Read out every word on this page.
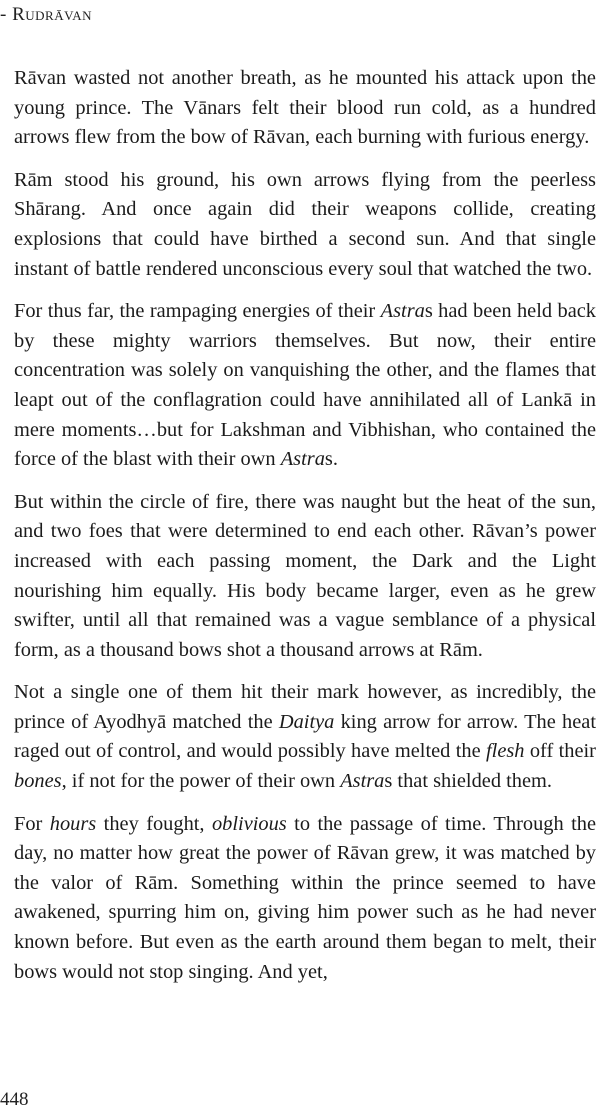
- Rudrāvan

Rāvan wasted not another breath, as he mounted his attack upon the young prince. The Vānars felt their blood run cold, as a hundred arrows flew from the bow of Rāvan, each burning with furious energy.

Rām stood his ground, his own arrows flying from the peerless Shārang. And once again did their weapons collide, creating explosions that could have birthed a second sun. And that single instant of battle rendered unconscious every soul that watched the two.

For thus far, the rampaging energies of their Astras had been held back by these mighty warriors themselves. But now, their entire concentration was solely on vanquishing the other, and the flames that leapt out of the conflagration could have annihilated all of Lankā in mere moments…but for Lakshman and Vibhishan, who contained the force of the blast with their own Astras.

But within the circle of fire, there was naught but the heat of the sun, and two foes that were determined to end each other. Rāvan’s power increased with each passing moment, the Dark and the Light nourishing him equally. His body became larger, even as he grew swifter, until all that remained was a vague semblance of a physical form, as a thousand bows shot a thousand arrows at Rām.

Not a single one of them hit their mark however, as incredibly, the prince of Ayodhyā matched the Daitya king arrow for arrow. The heat raged out of control, and would possibly have melted the flesh off their bones, if not for the power of their own Astras that shielded them.

For hours they fought, oblivious to the passage of time. Through the day, no matter how great the power of Rāvan grew, it was matched by the valor of Rām. Something within the prince seemed to have awakened, spurring him on, giving him power such as he had never known before. But even as the earth around them began to melt, their bows would not stop singing. And yet,

448
